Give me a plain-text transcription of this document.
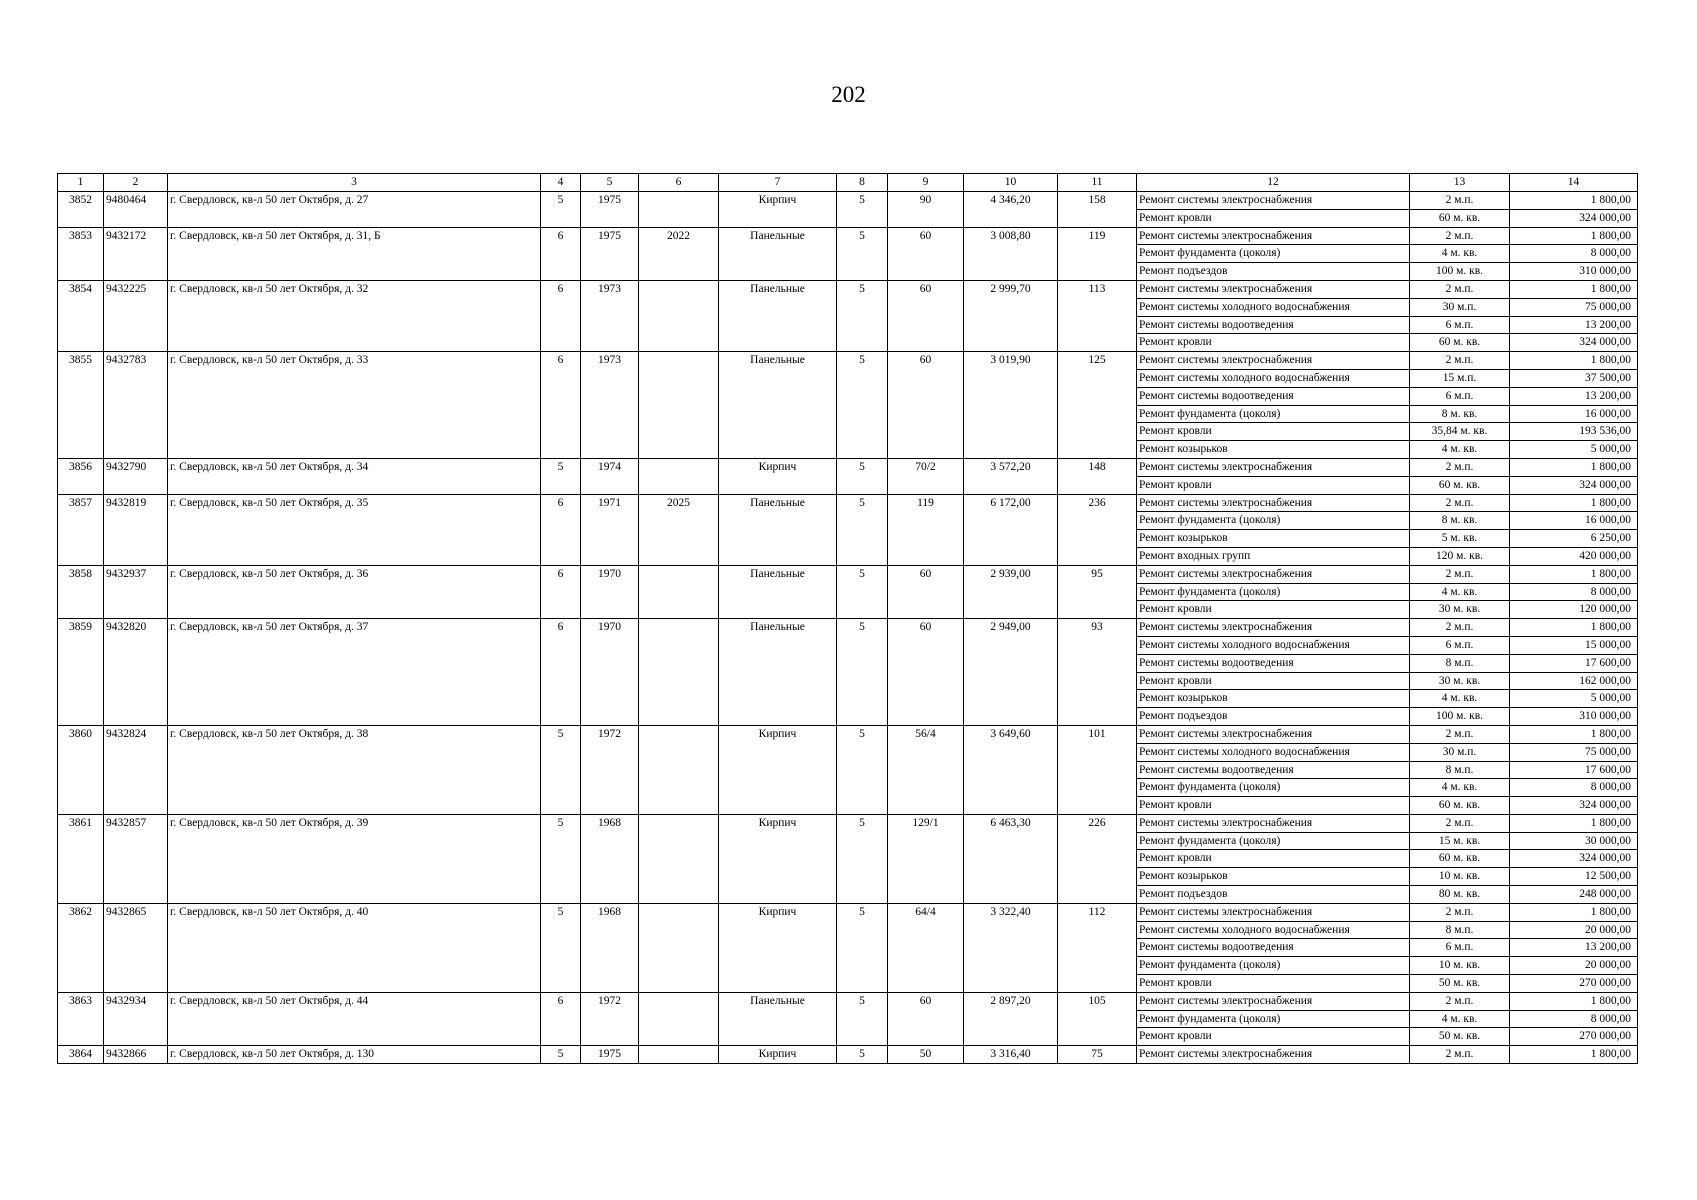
202
1	2	3	4	5	6	7	8	9	10	11	12	13	14
3852	9480464	г. Свердловск, кв-л 50 лет Октября, д. 27	5	1975		Кирпич	5	90	4 346,20	158	Ремонт системы электроснабжения	2 м.п.	1 800,00
											Ремонт кровли	60 м. кв.	324 000,00
3853	9432172	г. Свердловск, кв-л 50 лет Октября, д. 31, Б	6	1975	2022	Панельные	5	60	3 008,80	119	Ремонт системы электроснабжения	2 м.п.	1 800,00
											Ремонт фундамента (цоколя)	4 м. кв.	8 000,00
											Ремонт подъездов	100 м. кв.	310 000,00
3854	9432225	г. Свердловск, кв-л 50 лет Октября, д. 32	6	1973		Панельные	5	60	2 999,70	113	Ремонт системы электроснабжения	2 м.п.	1 800,00
											Ремонт системы холодного водоснабжения	30 м.п.	75 000,00
											Ремонт системы водоотведения	6 м.п.	13 200,00
											Ремонт кровли	60 м. кв.	324 000,00
3855	9432783	г. Свердловск, кв-л 50 лет Октября, д. 33	6	1973		Панельные	5	60	3 019,90	125	Ремонт системы электроснабжения	2 м.п.	1 800,00
											Ремонт системы холодного водоснабжения	15 м.п.	37 500,00
											Ремонт системы водоотведения	6 м.п.	13 200,00
											Ремонт фундамента (цоколя)	8 м. кв.	16 000,00
											Ремонт кровли	35,84 м. кв.	193 536,00
											Ремонт козырьков	4 м. кв.	5 000,00
3856	9432790	г. Свердловск, кв-л 50 лет Октября, д. 34	5	1974		Кирпич	5	70/2	3 572,20	148	Ремонт системы электроснабжения	2 м.п.	1 800,00
											Ремонт кровли	60 м. кв.	324 000,00
3857	9432819	г. Свердловск, кв-л 50 лет Октября, д. 35	6	1971	2025	Панельные	5	119	6 172,00	236	Ремонт системы электроснабжения	2 м.п.	1 800,00
											Ремонт фундамента (цоколя)	8 м. кв.	16 000,00
											Ремонт козырьков	5 м. кв.	6 250,00
											Ремонт входных групп	120 м. кв.	420 000,00
3858	9432937	г. Свердловск, кв-л 50 лет Октября, д. 36	6	1970		Панельные	5	60	2 939,00	95	Ремонт системы электроснабжения	2 м.п.	1 800,00
											Ремонт фундамента (цоколя)	4 м. кв.	8 000,00
											Ремонт кровли	30 м. кв.	120 000,00
3859	9432820	г. Свердловск, кв-л 50 лет Октября, д. 37	6	1970		Панельные	5	60	2 949,00	93	Ремонт системы электроснабжения	2 м.п.	1 800,00
											Ремонт системы холодного водоснабжения	6 м.п.	15 000,00
											Ремонт системы водоотведения	8 м.п.	17 600,00
											Ремонт кровли	30 м. кв.	162 000,00
											Ремонт козырьков	4 м. кв.	5 000,00
											Ремонт подъездов	100 м. кв.	310 000,00
3860	9432824	г. Свердловск, кв-л 50 лет Октября, д. 38	5	1972		Кирпич	5	56/4	3 649,60	101	Ремонт системы электроснабжения	2 м.п.	1 800,00
											Ремонт системы холодного водоснабжения	30 м.п.	75 000,00
											Ремонт системы водоотведения	8 м.п.	17 600,00
											Ремонт фундамента (цоколя)	4 м. кв.	8 000,00
											Ремонт кровли	60 м. кв.	324 000,00
3861	9432857	г. Свердловск, кв-л 50 лет Октября, д. 39	5	1968		Кирпич	5	129/1	6 463,30	226	Ремонт системы электроснабжения	2 м.п.	1 800,00
											Ремонт фундамента (цоколя)	15 м. кв.	30 000,00
											Ремонт кровли	60 м. кв.	324 000,00
											Ремонт козырьков	10 м. кв.	12 500,00
											Ремонт подъездов	80 м. кв.	248 000,00
3862	9432865	г. Свердловск, кв-л 50 лет Октября, д. 40	5	1968		Кирпич	5	64/4	3 322,40	112	Ремонт системы электроснабжения	2 м.п.	1 800,00
											Ремонт системы холодного водоснабжения	8 м.п.	20 000,00
											Ремонт системы водоотведения	6 м.п.	13 200,00
											Ремонт фундамента (цоколя)	10 м. кв.	20 000,00
											Ремонт кровли	50 м. кв.	270 000,00
3863	9432934	г. Свердловск, кв-л 50 лет Октября, д. 44	6	1972		Панельные	5	60	2 897,20	105	Ремонт системы электроснабжения	2 м.п.	1 800,00
											Ремонт фундамента (цоколя)	4 м. кв.	8 000,00
											Ремонт кровли	50 м. кв.	270 000,00
3864	9432866	г. Свердловск, кв-л 50 лет Октября, д. 130	5	1975		Кирпич	5	50	3 316,40	75	Ремонт системы электроснабжения	2 м.п.	1 800,00
